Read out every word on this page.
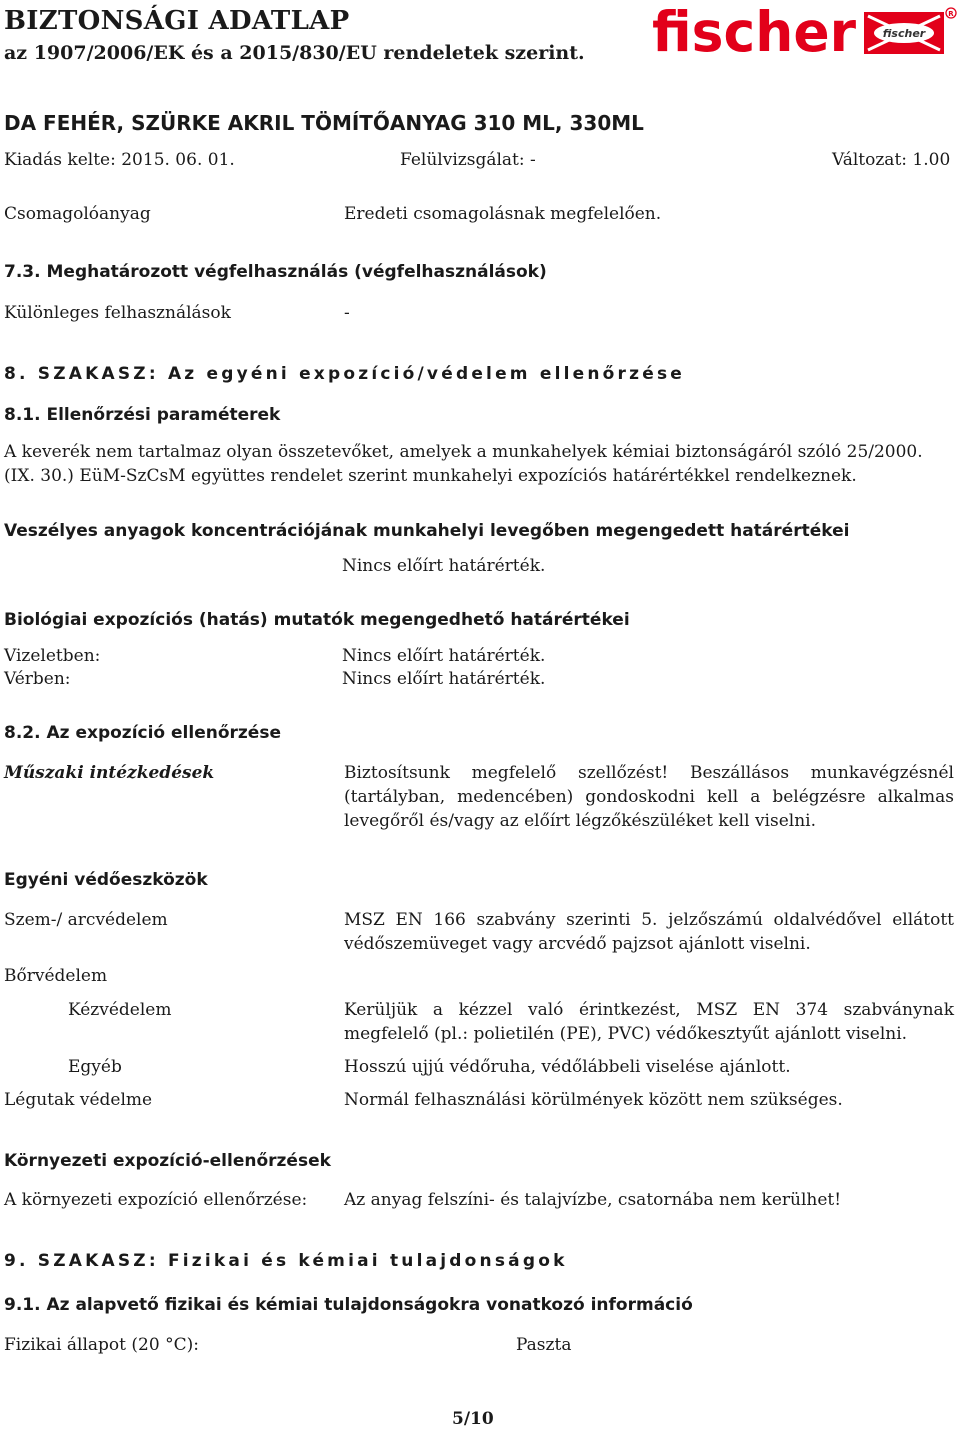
BIZTONSÁGI ADATLAP
az 1907/2006/EK és a 2015/830/EU rendeletek szerint. fischer fischer
R
DA FEHÉR, SZÜRKE AKRIL TÖMÍTŐANYAG 310 ML, 330ML
Kiadás kelte: 2015. 06. 01.	Felülvizsgálat: -	Változat: 1.00
Csomagolóanyag	Eredeti csomagolásnak megfelelően.
7.3. Meghatározott végfelhasználás (végfelhasználások)
Különleges felhasználások	-
8. SZAKASZ: Az egyéni expozíció/védelem ellenőrzése
8.1. Ellenőrzési paraméterek
A keverék nem tartalmaz olyan összetevőket, amelyek a munkahelyek kémiai biztonságáról szóló 25/2000.
(IX. 30.) EüM-SzCsM együttes rendelet szerint munkahelyi expozíciós határértékkel rendelkeznek.
Veszélyes anyagok koncentrációjának munkahelyi levegőben megengedett határértékei
Nincs előírt határérték.
Biológiai expozíciós (hatás) mutatók megengedhető határértékei
Vizeletben:	Nincs előírt határérték.
Vérben:	Nincs előírt határérték.
8.2. Az expozíció ellenőrzése
Műszaki intézkedések	Biztosítsunk megfelelő szellőzést! Beszállásos munkavégzésnél (tartályban, medencében) gondoskodni kell a belégzésre alkalmas levegőről és/vagy az előírt légzőkészüléket kell viselni.
Egyéni védőeszközök
Szem-/ arcvédelem	MSZ EN 166 szabvány szerinti 5. jelzőszámú oldalvédővel ellátott védőszemüveget vagy arcvédő pajzsot ajánlott viselni.
Bőrvédelem
Kézvédelem	Kerüljük a kézzel való érintkezést, MSZ EN 374 szabványnak megfelelő (pl.: polietilén (PE), PVC) védőkesztyűt ajánlott viselni.
Egyéb	Hosszú ujjú védőruha, védőlábbeli viselése ajánlott.
Légutak védelme	Normál felhasználási körülmények között nem szükséges.
Környezeti expozíció-ellenőrzések
A környezeti expozíció ellenőrzése: Az anyag felszíni- és talajvízbe, csatornába nem kerülhet!
9. SZAKASZ: Fizikai és kémiai tulajdonságok
9.1. Az alapvető fizikai és kémiai tulajdonságokra vonatkozó információ
Fizikai állapot (20 °C):	Paszta
5/10
